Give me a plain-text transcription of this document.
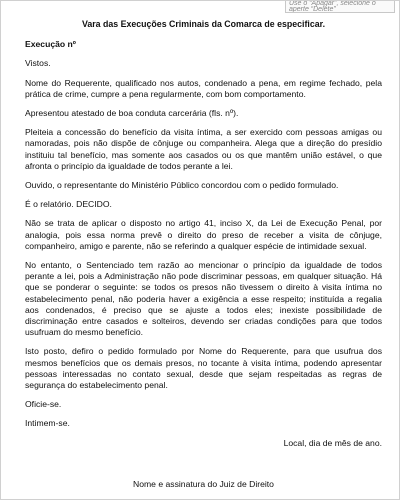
Use o “Apagar”, selecione o
aperte “Delete”

Vara das Execuções Criminais da Comarca de especificar.

Execução nº

Vistos.

Nome do Requerente, qualificado nos autos, condenado a pena, em regime fechado, pela prática de crime, cumpre a pena regularmente, com bom comportamento.

Apresentou atestado de boa conduta carcerária (fls. nº).

Pleiteia a concessão do benefício da visita íntima, a ser exercido com pessoas amigas ou namoradas, pois não dispõe de cônjuge ou companheira. Alega que a direção do presídio instituiu tal benefício, mas somente aos casados ou os que mantêm união estável, o que afronta o princípio da igualdade de todos perante a lei.

Ouvido, o representante do Ministério Público concordou com o pedido formulado.

É o relatório. DECIDO.

Não se trata de aplicar o disposto no artigo 41, inciso X, da Lei de Execução Penal, por analogia, pois essa norma prevê o direito do preso de receber a visita de cônjuge, companheiro, amigo e parente, não se referindo a qualquer espécie de intimidade sexual.

No entanto, o Sentenciado tem razão ao mencionar o princípio da igualdade de todos perante a lei, pois a Administração não pode discriminar pessoas, em qualquer situação. Há que se ponderar o seguinte: se todos os presos não tivessem o direito à visita íntima no estabelecimento penal, não poderia haver a exigência a esse respeito; instituída a regalia aos condenados, é preciso que se ajuste a todos eles; inexiste possibilidade de discriminação entre casados e solteiros, devendo ser criadas condições para que todos usufruam do mesmo benefício.

Isto posto, defiro o pedido formulado por Nome do Requerente, para que usufrua dos mesmos benefícios que os demais presos, no tocante à visita íntima, podendo apresentar pessoas interessadas no contato sexual, desde que sejam respeitadas as regras de segurança do estabelecimento penal.

Oficie-se.

Intimem-se.

Local, dia de mês de ano.

Nome e assinatura do Juiz de Direito
